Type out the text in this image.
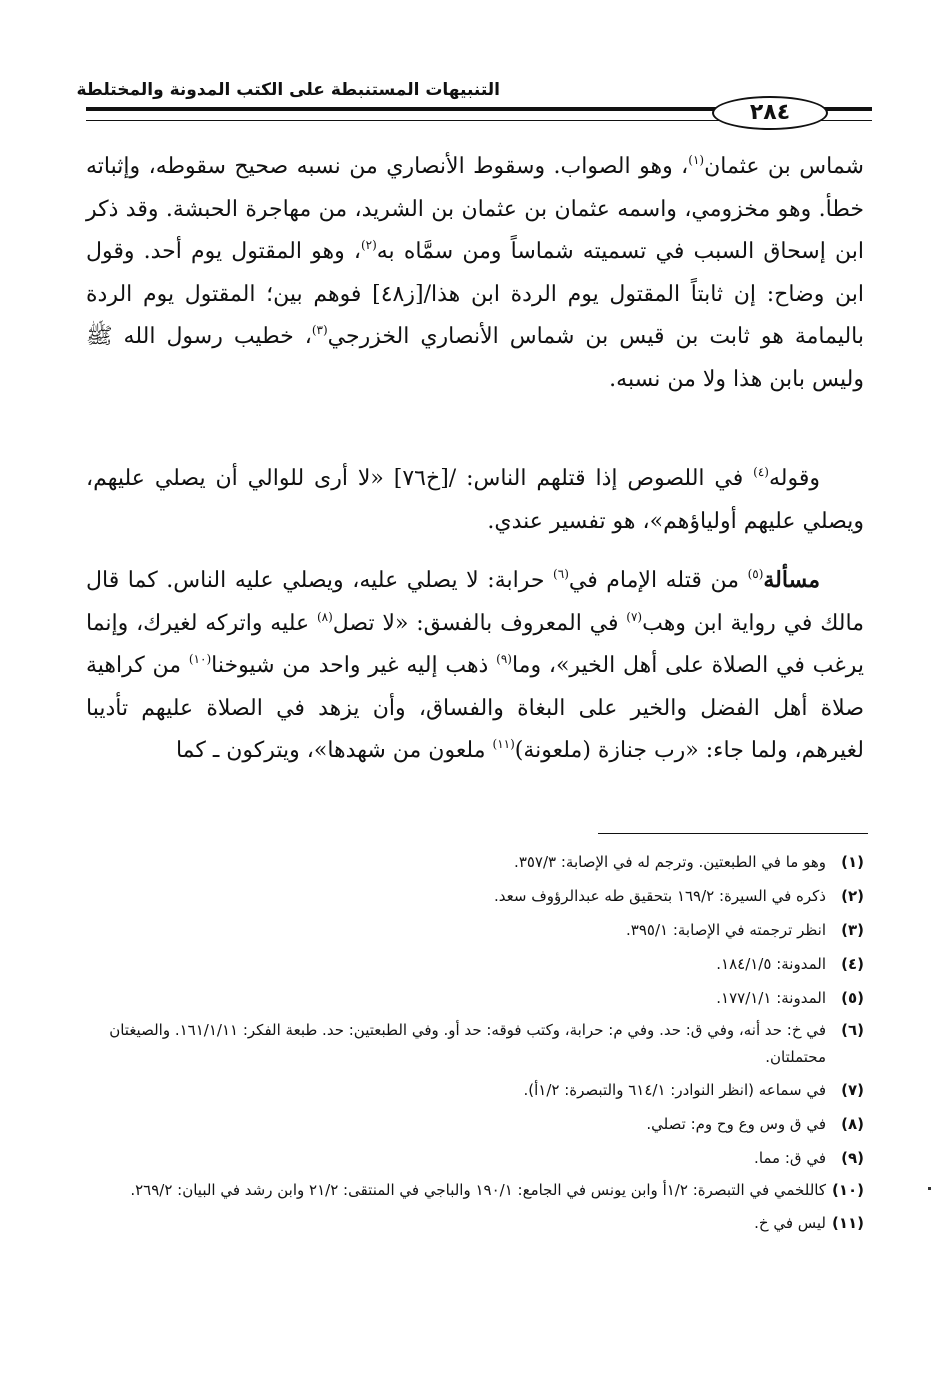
التنبيهات المستنبطة على الكتب المدونة والمختلطة
٢٨٤
شماس بن عثمان$^{(١)}$، وهو الصواب. وسقوط الأنصاري من نسبه صحيح سقوطه، وإثباته خطأ. وهو مخزومي، واسمه عثمان بن عثمان بن الشريد، من مهاجرة الحبشة. وقد ذكر ابن إسحاق السبب في تسميته شماساً ومن سمَّاه به$^{(٢)}$، وهو المقتول يوم أحد. وقول ابن وضاح: إن ثابتاً المقتول يوم الردة ابن هذا/[ز٤٨] فوهم بين؛ المقتول يوم الردة باليمامة هو ثابت بن قيس بن شماس الأنصاري الخزرجي$^{(٣)}$، خطيب رسول الله ﷺ وليس بابن هذا ولا من نسبه.
  وقوله$^{(٤)}$ في اللصوص إذا قتلهم الناس: /[خ٧٦] «لا أرى للوالي أن يصلي عليهم، ويصلي عليهم أولياؤهم»، هو تفسير عندي.
  مسألة$^{(٥)}$ من قتله الإمام في$^{(٦)}$ حرابة: لا يصلي عليه، ويصلي عليه الناس. كما قال مالك في رواية ابن وهب$^{(٧)}$ في المعروف بالفسق: «لا تصل$^{(٨)}$ عليه واتركه لغيرك، وإنما يرغب في الصلاة على أهل الخير»، وما$^{(٩)}$ ذهب إليه غير واحد من شيوخنا$^{(١٠)}$ من كراهية صلاة أهل الفضل والخير على البغاة والفساق، وأن يزهد في الصلاة عليهم تأديبا لغيرهم، ولما جاء: «رب جنازة (ملعونة)$^{(١١)}$ ملعون من شهدها»، ويتركون ـ كما
(١)
وهو ما في الطبعتين. وترجم له في الإصابة: ٣٥٧/٣.
(٢)
ذكره في السيرة: ١٦٩/٢ بتحقيق طه عبدالرؤوف سعد.
(٣)
انظر ترجمته في الإصابة: ٣٩٥/١.
(٤)
المدونة: ١٨٤/١/٥.
(٥)
المدونة: ١٧٧/١/١.
(٦)
في خ: حد أنه، وفي ق: حد. وفي م: حرابة، وكتب فوقه: حد أو. وفي الطبعتين: حد. طبعة الفكر: ١٦١/١/١١. والصيغتان محتملتان.
(٧)
في سماعه (انظر النوادر: ٦١٤/١ والتبصرة: ١/٢أ).
(٨)
في ق وس وع وح وم: تصلي.
(٩)
في ق: مما.
(١٠)
كاللخمي في التبصرة: ١/٢أ وابن يونس في الجامع: ١٩٠/١ والباجي في المنتقى: ٢١/٢ وابن رشد في البيان: ٢٦٩/٢.
(١١)
ليس في خ.
